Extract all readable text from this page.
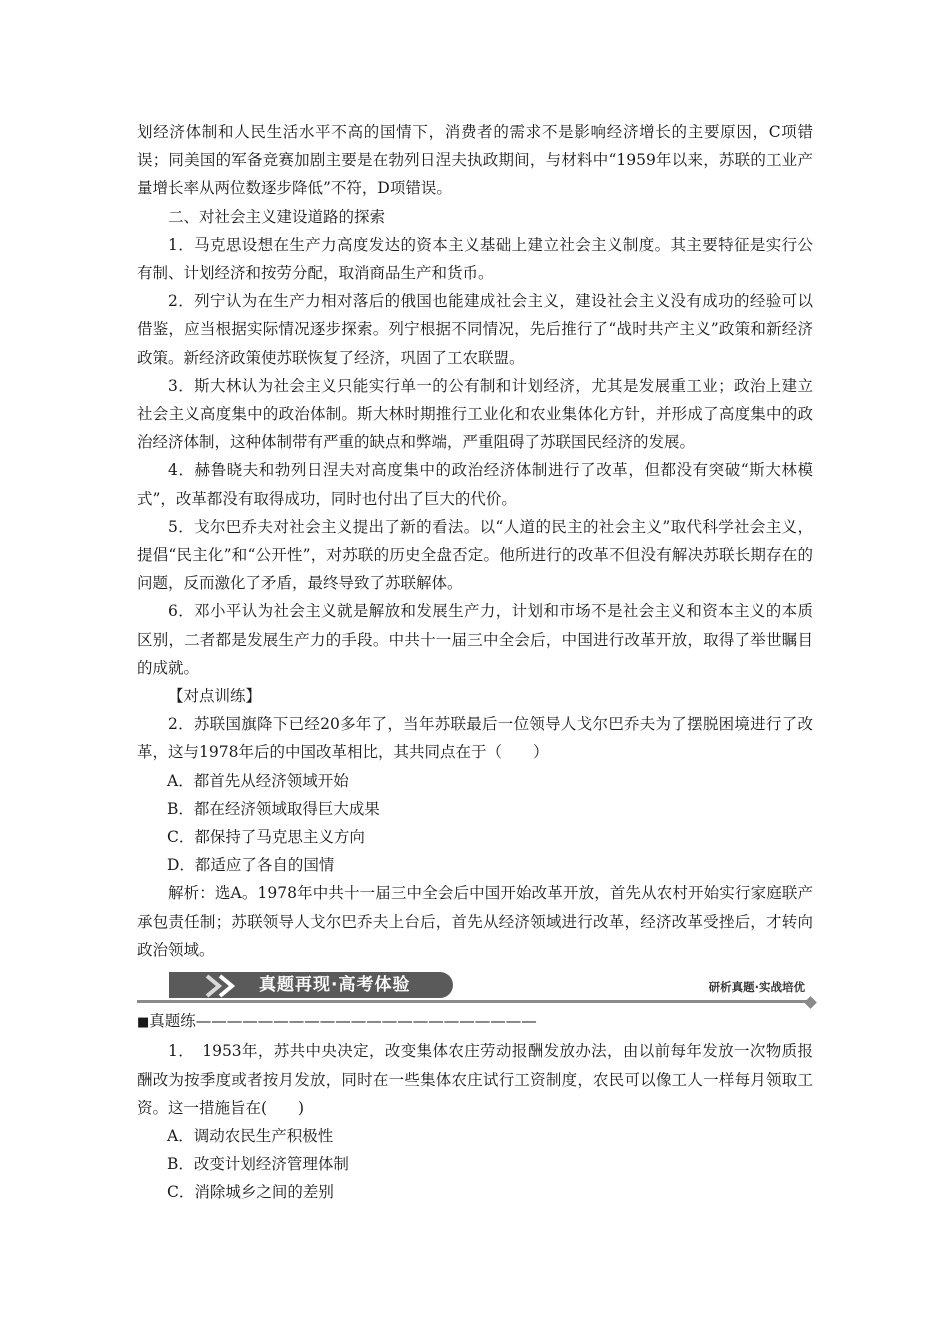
划经济体制和人民生活水平不高的国情下，消费者的需求不是影响经济增长的主要原因，C项错误；同美国的军备竞赛加剧主要是在勃列日涅夫执政期间，与材料中“1959年以来，苏联的工业产量增长率从两位数逐步降低”不符，D项错误。

二、对社会主义建设道路的探索

1．马克思设想在生产力高度发达的资本主义基础上建立社会主义制度。其主要特征是实行公有制、计划经济和按劳分配，取消商品生产和货币。

2．列宁认为在生产力相对落后的俄国也能建成社会主义，建设社会主义没有成功的经验可以借鉴，应当根据实际情况逐步探索。列宁根据不同情况，先后推行了“战时共产主义”政策和新经济政策。新经济政策使苏联恢复了经济，巩固了工农联盟。

3．斯大林认为社会主义只能实行单一的公有制和计划经济，尤其是发展重工业；政治上建立社会主义高度集中的政治体制。斯大林时期推行工业化和农业集体化方针，并形成了高度集中的政治经济体制，这种体制带有严重的缺点和弊端，严重阻碍了苏联国民经济的发展。

4．赫鲁晓夫和勃列日涅夫对高度集中的政治经济体制进行了改革，但都没有突破“斯大林模式”，改革都没有取得成功，同时也付出了巨大的代价。

5．戈尔巴乔夫对社会主义提出了新的看法。以“人道的民主的社会主义”取代科学社会主义，提倡“民主化”和“公开性”，对苏联的历史全盘否定。他所进行的改革不但没有解决苏联长期存在的问题，反而激化了矛盾，最终导致了苏联解体。

6．邓小平认为社会主义就是解放和发展生产力，计划和市场不是社会主义和资本主义的本质区别，二者都是发展生产力的手段。中共十一届三中全会后，中国进行改革开放，取得了举世瞩目的成就。

【对点训练】

2．苏联国旗降下已经20多年了，当年苏联最后一位领导人戈尔巴乔夫为了摆脱困境进行了改革，这与1978年后的中国改革相比，其共同点在于（　　）

A．都首先从经济领域开始

B．都在经济领域取得巨大成果

C．都保持了马克思主义方向

D．都适应了各自的国情

解析：选A。1978年中共十一届三中全会后中国开始改革开放，首先从农村开始实行家庭联产承包责任制；苏联领导人戈尔巴乔夫上台后，首先从经济领域进行改革，经济改革受挫后，才转向政治领域。

真题再现·高考体验	研析真题·实战培优

■真题练——————————————————————

1．　1953年，苏共中央决定，改变集体农庄劳动报酬发放办法，由以前每年发放一次物质报酬改为按季度或者按月发放，同时在一些集体农庄试行工资制度，农民可以像工人一样每月领取工资。这一措施旨在(　　)

A．调动农民生产积极性

B．改变计划经济管理体制

C．消除城乡之间的差别
